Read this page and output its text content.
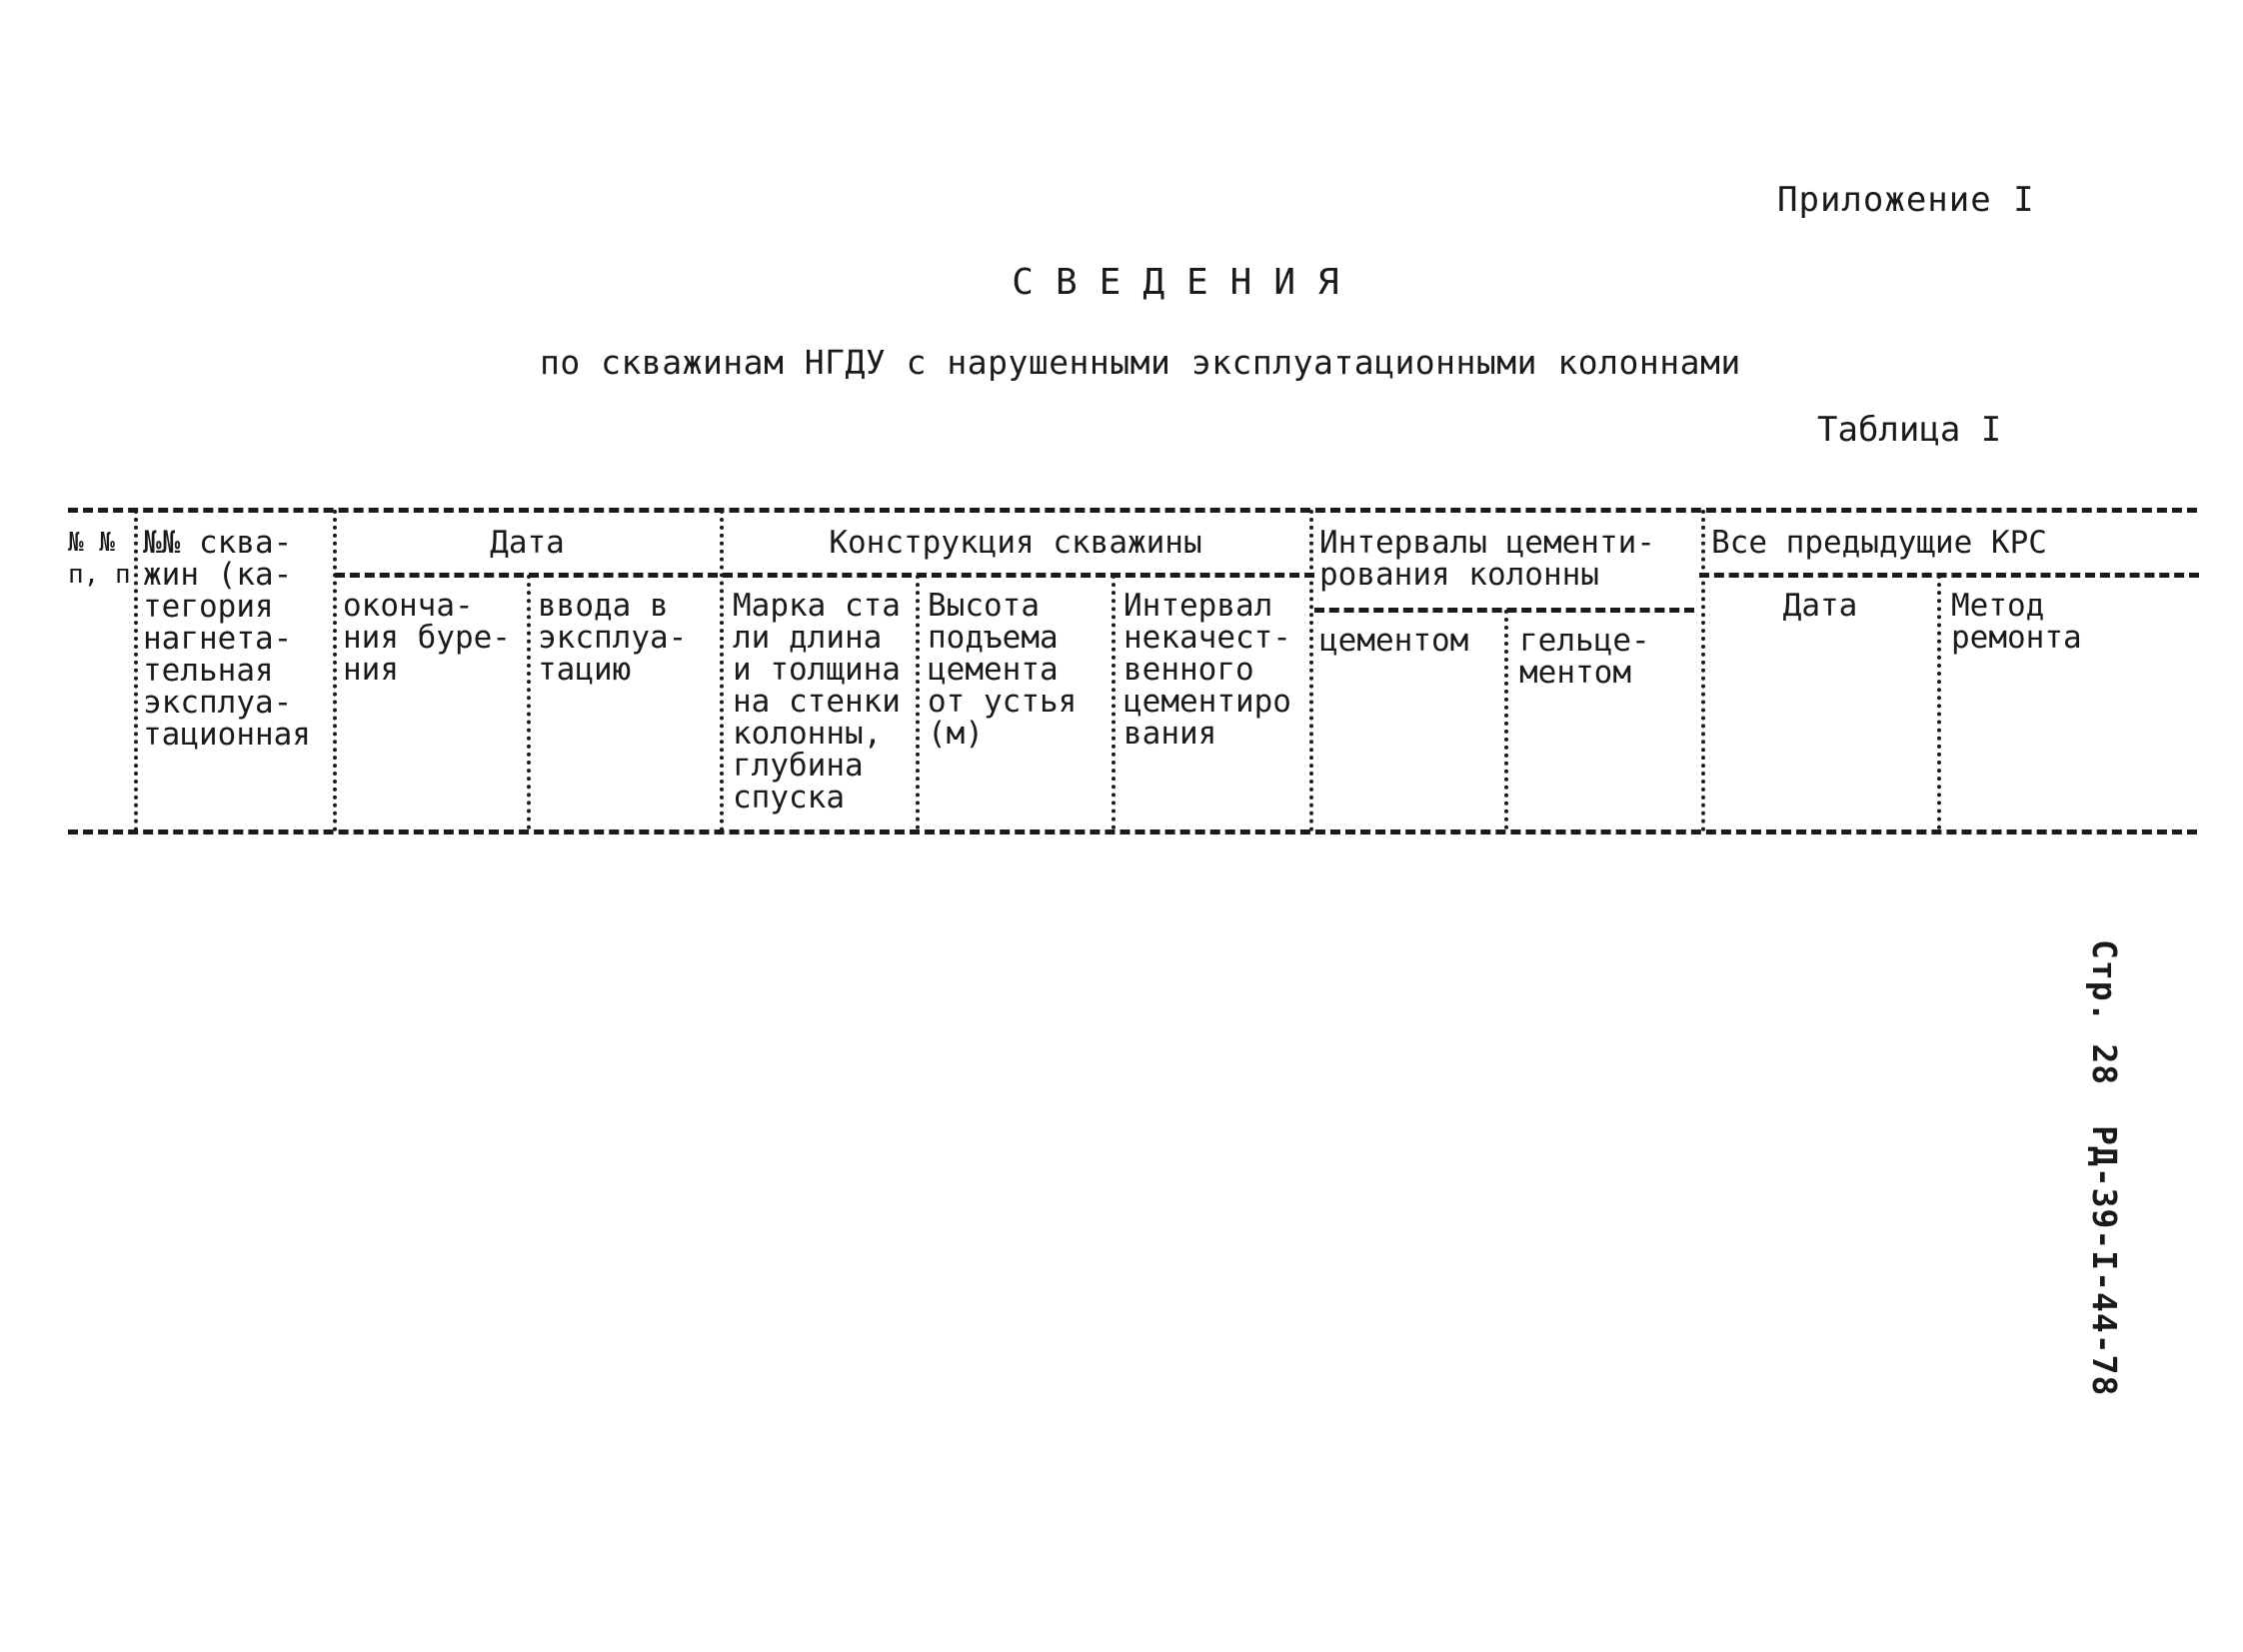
Приложение I
СВЕДЕНИЯ
по скважинам НГДУ с нарушенными эксплуатационными колоннами
Таблица I
№ №
п, п
№№ сква-
жин (ка-
тегория
нагнета-
тельная
эксплуа-
тационная
Дата
оконча-
ния буре-
ния
ввода в
эксплуа-
тацию
Конструкция скважины
Марка ста
ли длина
и толщина
на стенки
колонны,
глубина
спуска
Высота
подъема
цемента
от устья
(м)
Интервал
некачест-
венного
цементиро
вания
Интервалы цементи-
рования колонны
цементом гельце-
ментом
Все предыдущие КРС
Дата	Метод
ремонта
Стр. 28РД-39-I-44-78
